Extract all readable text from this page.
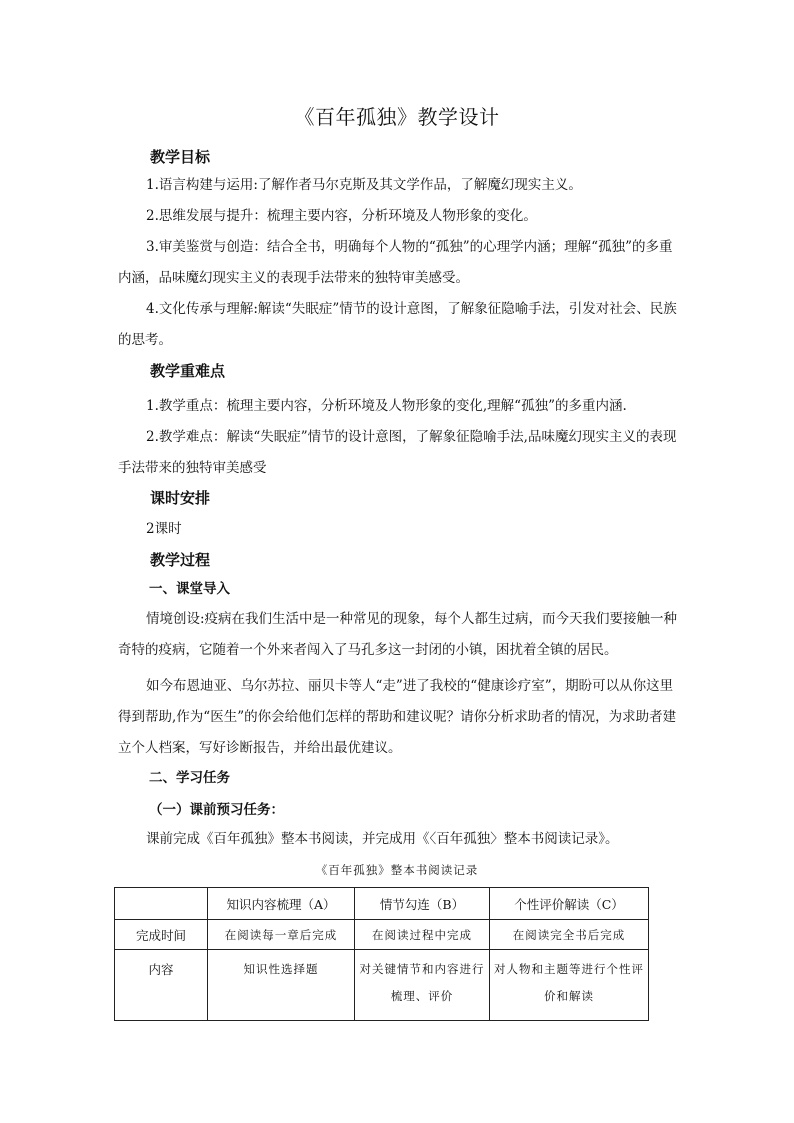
《百年孤独》教学设计
教学目标
1.语言构建与运用:了解作者马尔克斯及其文学作品，了解魔幻现实主义。
2.思维发展与提升：梳理主要内容，分析环境及人物形象的变化。
3.审美鉴赏与创造：结合全书，明确每个人物的“孤独”的心理学内涵；理解“孤独”的多重内涵，品味魔幻现实主义的表现手法带来的独特审美感受。
4.文化传承与理解:解读“失眠症”情节的设计意图，了解象征隐喻手法，引发对社会、民族的思考。
教学重难点
1.教学重点：梳理主要内容，分析环境及人物形象的变化,理解“孤独”的多重内涵.
2.教学难点：解读“失眠症”情节的设计意图，了解象征隐喻手法,品味魔幻现实主义的表现手法带来的独特审美感受
课时安排
2课时
教学过程
一、课堂导入
情境创设:疫病在我们生活中是一种常见的现象，每个人都生过病，而今天我们要接触一种奇特的疫病，它随着一个外来者闯入了马孔多这一封闭的小镇，困扰着全镇的居民。
如今布恩迪亚、乌尔苏拉、丽贝卡等人“走”进了我校的“健康诊疗室”，期盼可以从你这里得到帮助,作为“医生”的你会给他们怎样的帮助和建议呢？请你分析求助者的情况，为求助者建立个人档案，写好诊断报告，并给出最优建议。
二、学习任务
（一）课前预习任务：
课前完成《百年孤独》整本书阅读，并完成用《〈百年孤独〉整本书阅读记录》。
《百年孤独》整本书阅读记录
	知识内容梳理（A）	情节勾连（B）	个性评价解读（C）
完成时间	在阅读每一章后完成	在阅读过程中完成	在阅读完全书后完成
内容	知识性选择题	对关键情节和内容进行梳理、评价	对人物和主题等进行个性评价和解读
